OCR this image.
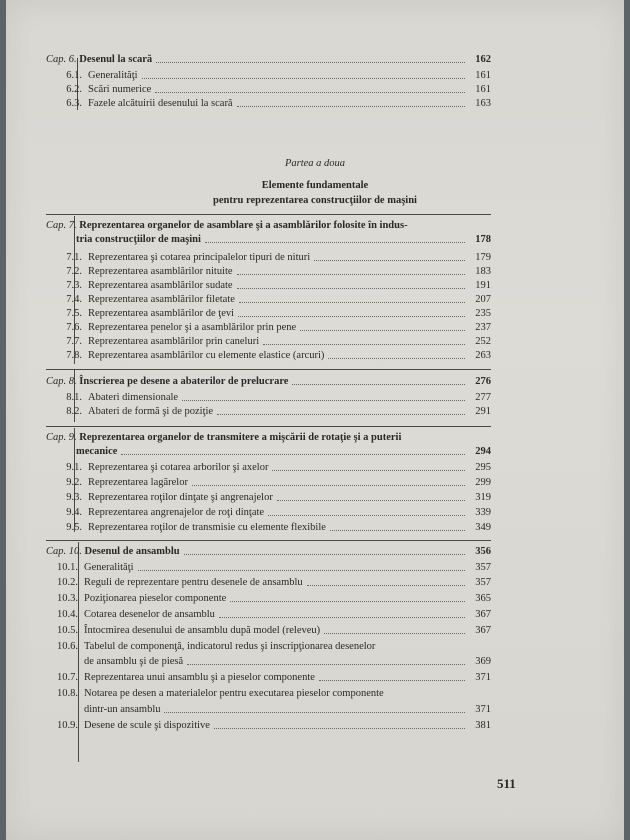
Cap. 6. Desenul la scară	162
6.1. Generalităţi	161
6.2. Scări numerice	161
6.3. Fazele alcătuirii desenului la scară	163
Partea a doua
Elemente fundamentale
pentru reprezentarea construcţiilor de maşini
Cap. 7. Reprezentarea organelor de asamblare şi a asamblărilor folosite în indus-
tria construcţiilor de maşini	178
7.1. Reprezentarea şi cotarea principalelor tipuri de nituri	179
7.2. Reprezentarea asamblărilor nituite	183
7.3. Reprezentarea asamblărilor sudate	191
7.4. Reprezentarea asamblărilor filetate	207
7.5. Reprezentarea asamblărilor de ţevi	235
7.6. Reprezentarea penelor şi a asamblărilor prin pene	237
7.7. Reprezentarea asamblărilor prin caneluri	252
7.8. Reprezentarea asamblărilor cu elemente elastice (arcuri)	263
Cap. 8. Înscrierea pe desene a abaterilor de prelucrare	276
8.1. Abateri dimensionale	277
8.2. Abateri de formă şi de poziţie	291
Cap. 9. Reprezentarea organelor de transmitere a mişcării de rotaţie şi a puterii
mecanice	294
9.1. Reprezentarea şi cotarea arborilor şi axelor	295
9.2. Reprezentarea lagărelor	299
9.3. Reprezentarea roţilor dinţate şi angrenajelor	319
9.4. Reprezentarea angrenajelor de roţi dinţate	339
9.5. Reprezentarea roţilor de transmisie cu elemente flexibile	349
Cap. 10. Desenul de ansamblu	356
10.1. Generalităţi	357
10.2. Reguli de reprezentare pentru desenele de ansamblu	357
10.3. Poziţionarea pieselor componente	365
10.4. Cotarea desenelor de ansamblu	367
10.5. Întocmirea desenului de ansamblu după model (releveu)	367
10.6. Tabelul de componenţă, indicatorul redus şi inscripţionarea desenelor
de ansamblu şi de piesă	369
10.7. Reprezentarea unui ansamblu şi a pieselor componente	371
10.8. Notarea pe desen a materialelor pentru executarea pieselor componente
dintr-un ansamblu	371
10.9. Desene de scule şi dispozitive	381
511
